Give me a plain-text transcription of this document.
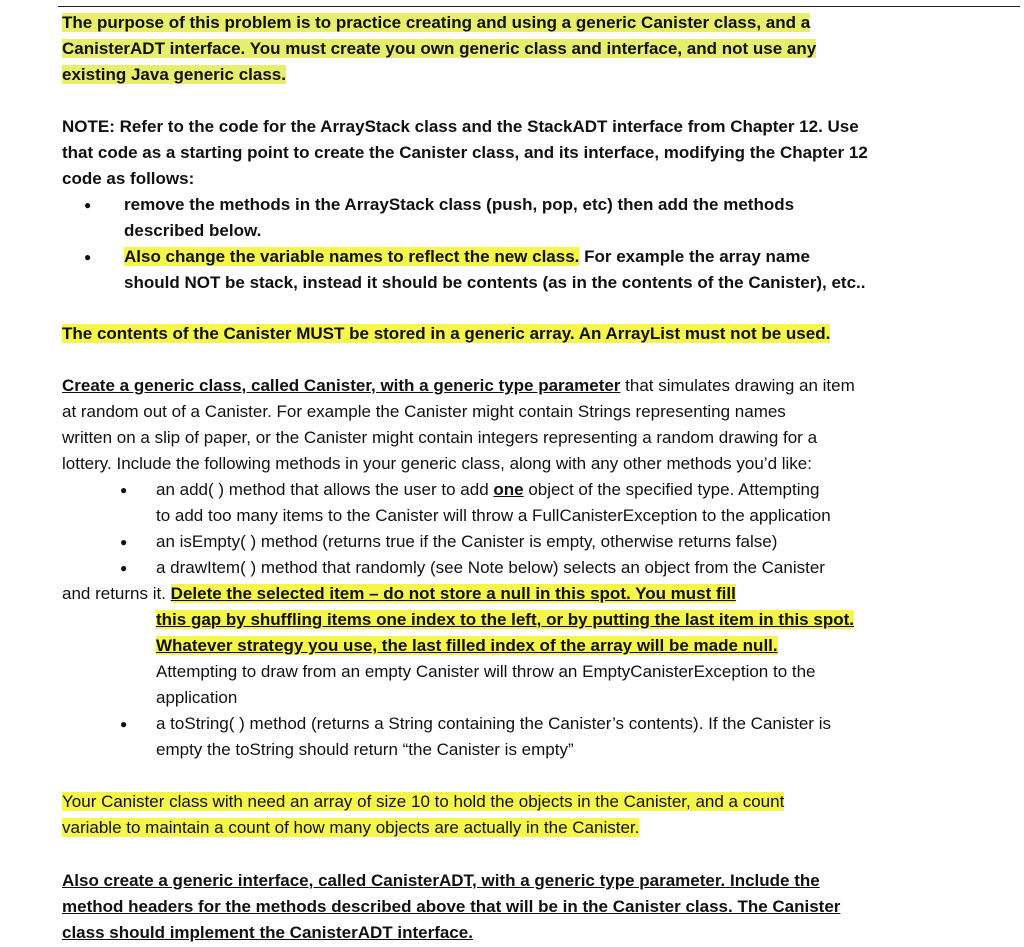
The purpose of this problem is to practice creating and using a generic Canister class, and a
CanisterADT interface. You must create you own generic class and interface, and not use any
existing Java generic class.
NOTE: Refer to the code for the ArrayStack class and the StackADT interface from Chapter 12. Use
that code as a starting point to create the Canister class, and its interface, modifying the Chapter 12
code as follows:
● remove the methods in the ArrayStack class (push, pop, etc) then add the methods
described below.
● Also change the variable names to reflect the new class. For example the array name
should NOT be stack, instead it should be contents (as in the contents of the Canister), etc..
The contents of the Canister MUST be stored in a generic array. An ArrayList must not be used.
Create a generic class, called Canister, with a generic type parameter that simulates drawing an item
at random out of a Canister. For example the Canister might contain Strings representing names
written on a slip of paper, or the Canister might contain integers representing a random drawing for a
lottery. Include the following methods in your generic class, along with any other methods you’d like:
● an add( ) method that allows the user to add one object of the specified type. Attempting
to add too many items to the Canister will throw a FullCanisterException to the application
● an isEmpty( ) method (returns true if the Canister is empty, otherwise returns false)
● a drawItem( ) method that randomly (see Note below) selects an object from the Canister
and returns it. Delete the selected item – do not store a null in this spot. You must fill
this gap by shuffling items one index to the left, or by putting the last item in this spot.
Whatever strategy you use, the last filled index of the array will be made null.
Attempting to draw from an empty Canister will throw an EmptyCanisterException to the
application
● a toString( ) method (returns a String containing the Canister’s contents). If the Canister is
empty the toString should return “the Canister is empty”
Your Canister class with need an array of size 10 to hold the objects in the Canister, and a count
variable to maintain a count of how many objects are actually in the Canister.
Also create a generic interface, called CanisterADT, with a generic type parameter. Include the
method headers for the methods described above that will be in the Canister class. The Canister
class should implement the CanisterADT interface.
